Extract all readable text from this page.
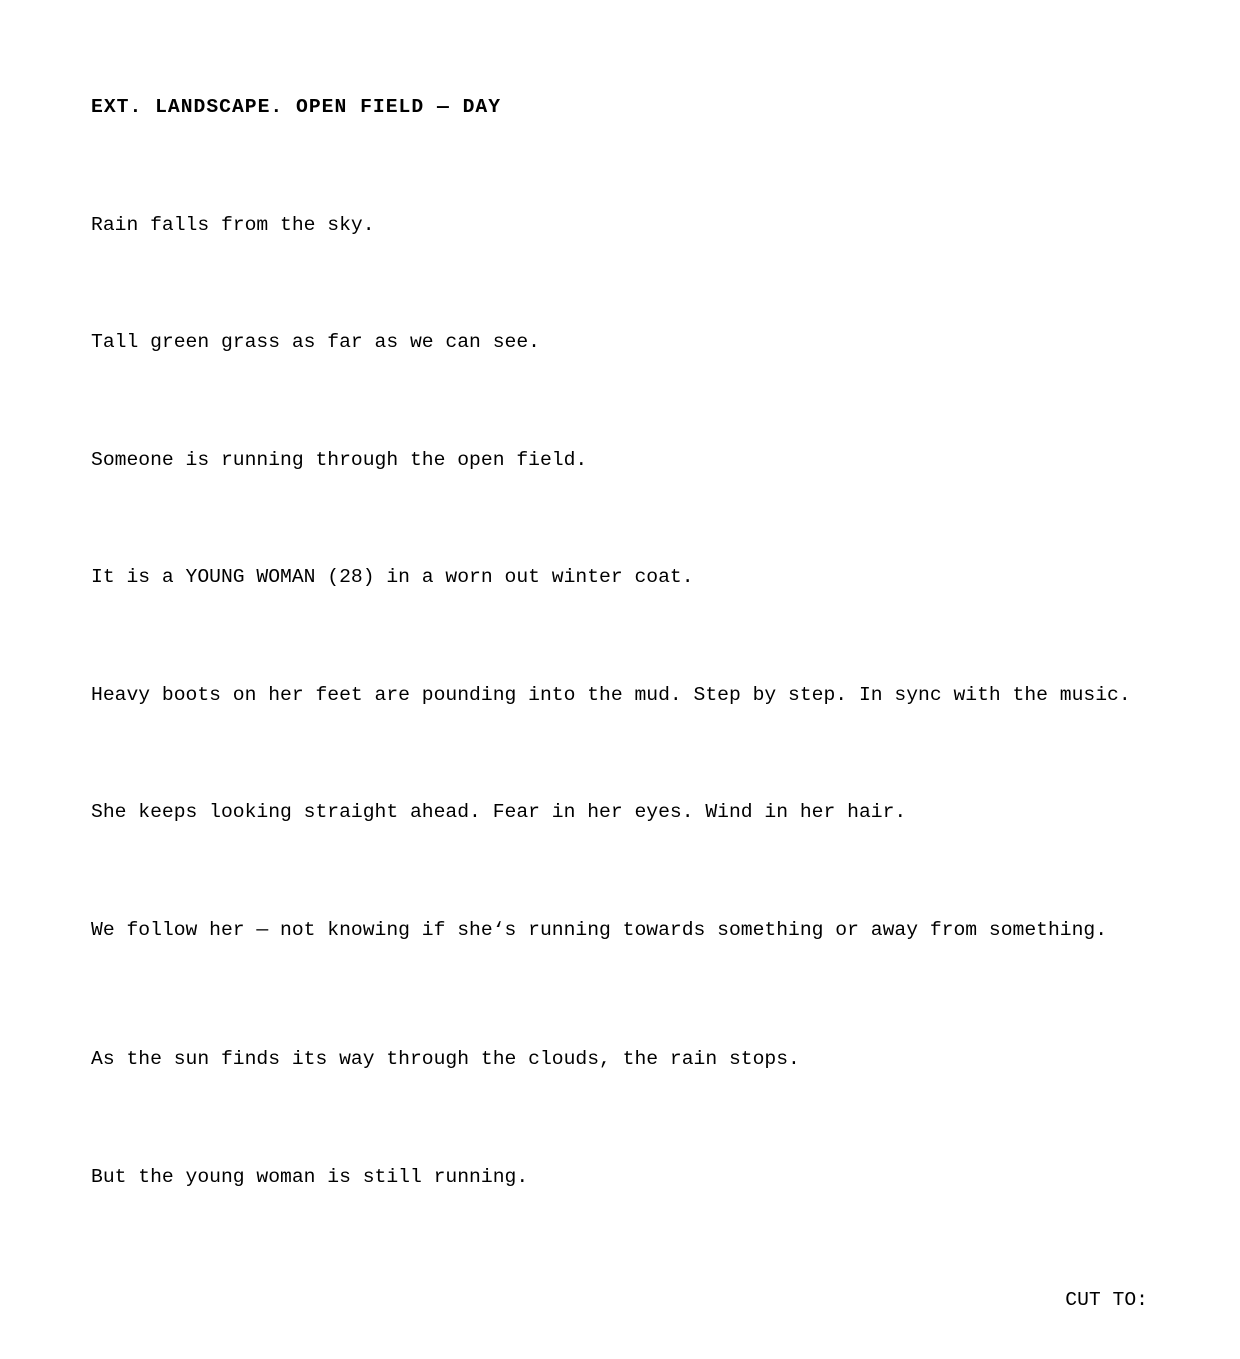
EXT. LANDSCAPE. OPEN FIELD — DAY

Rain falls from the sky.

Tall green grass as far as we can see.

Someone is running through the open field.

It is a YOUNG WOMAN (28) in a worn out winter coat.

Heavy boots on her feet are pounding into the mud. Step by step. In sync with the music.

She keeps looking straight ahead. Fear in her eyes. Wind in her hair.

We follow her — not knowing if she‘s running towards something or away from something.

As the sun finds its way through the clouds, the rain stops.

But the young woman is still running.

CUT TO:
